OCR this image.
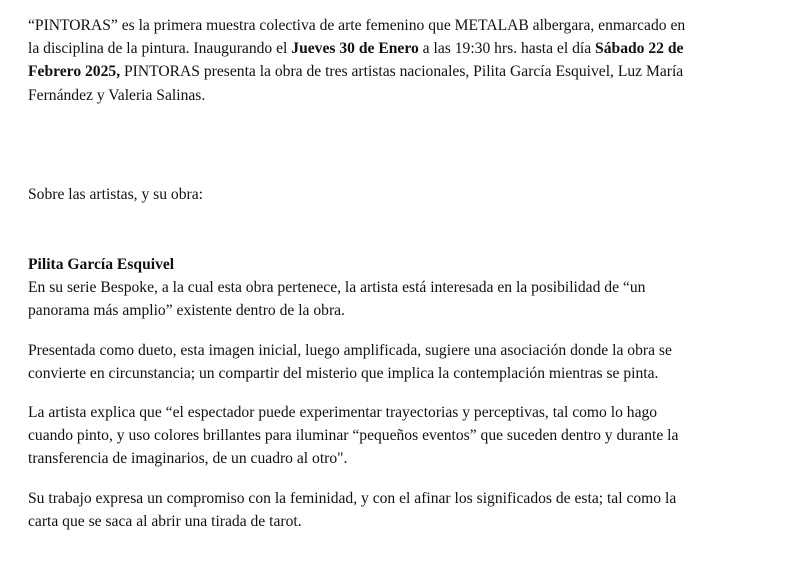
“PINTORAS” es la primera muestra colectiva de arte femenino que METALAB albergara, enmarcado en
la disciplina de la pintura. Inaugurando el Jueves 30 de Enero a las 19:30 hrs. hasta el día Sábado 22 de
Febrero 2025, PINTORAS presenta la obra de tres artistas nacionales, Pilita García Esquivel, Luz María
Fernández y Valeria Salinas.

Sobre las artistas, y su obra:

Pilita García Esquivel

En su serie Bespoke, a la cual esta obra pertenece, la artista está interesada en la posibilidad de “un
panorama más amplio” existente dentro de la obra.

Presentada como dueto, esta imagen inicial, luego amplificada, sugiere una asociación donde la obra se
convierte en circunstancia; un compartir del misterio que implica la contemplación mientras se pinta.

La artista explica que “el espectador puede experimentar trayectorias y perceptivas, tal como lo hago
cuando pinto, y uso colores brillantes para iluminar “pequeños eventos” que suceden dentro y durante la
transferencia de imaginarios, de un cuadro al otro".

Su trabajo expresa un compromiso con la feminidad, y con el afinar los significados de esta; tal como la
carta que se saca al abrir una tirada de tarot.
